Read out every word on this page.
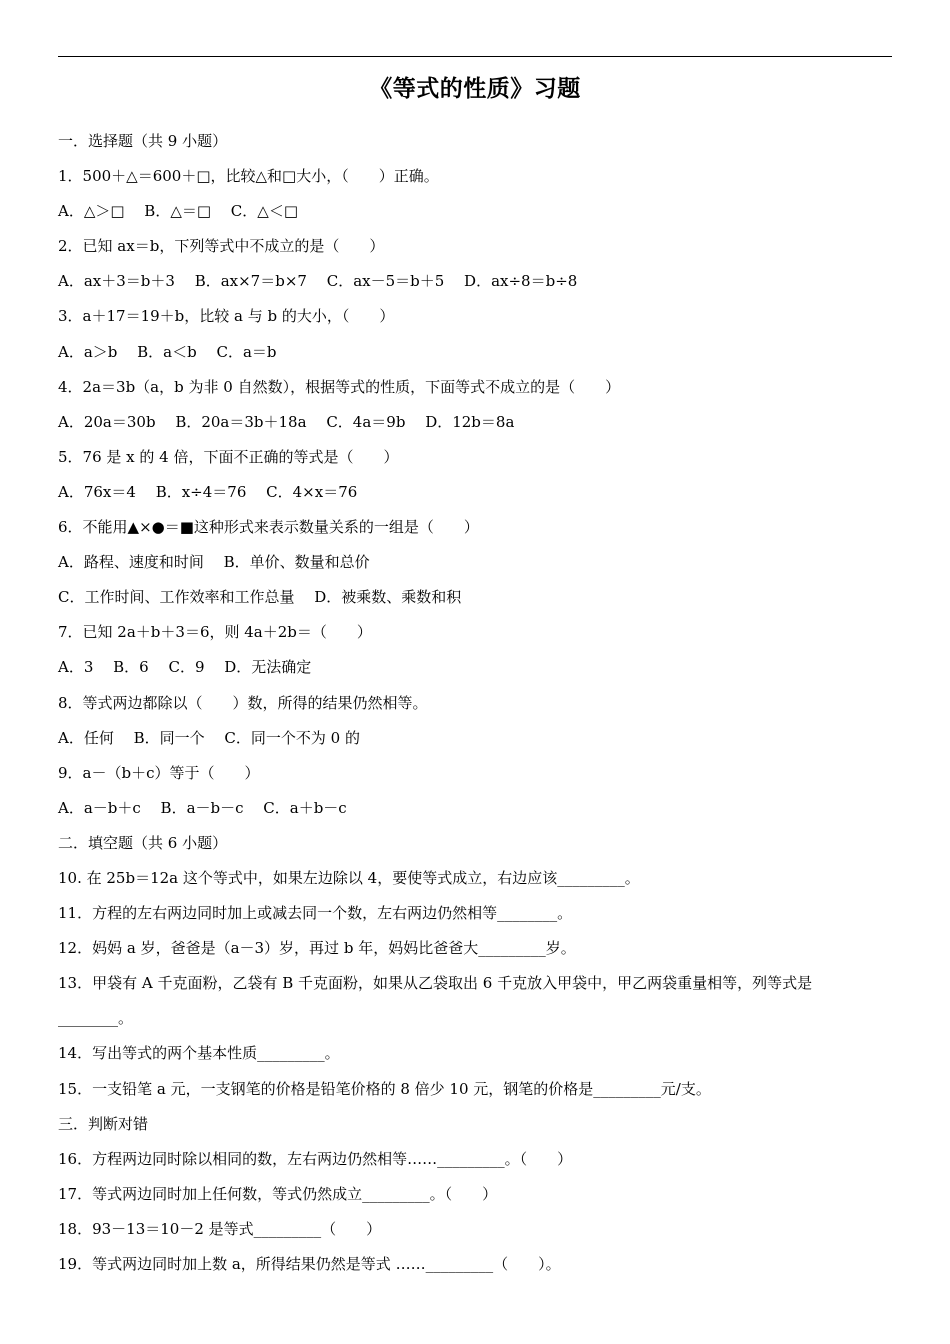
《等式的性质》习题
一．选择题（共 9 小题）
1．500＋△＝600＋□，比较△和□大小，（　　）正确。
A．△＞□　 B．△＝□　 C．△＜□
2．已知 ax＝b，下列等式中不成立的是（　　）
A．ax＋3＝b＋3　 B．ax×7＝b×7　 C．ax－5＝b＋5　 D．ax÷8＝b÷8
3．a＋17＝19＋b，比较 a 与 b 的大小，（　　）
A．a＞b　 B．a＜b　 C．a＝b
4．2a＝3b（a，b 为非 0 自然数），根据等式的性质，下面等式不成立的是（　　）
A．20a＝30b　 B．20a＝3b＋18a　 C．4a＝9b　 D．12b＝8a
5．76 是 x 的 4 倍，下面不正确的等式是（　　）
A．76x＝4　 B．x÷4＝76　 C．4×x＝76
6．不能用▲×●＝■这种形式来表示数量关系的一组是（　　）
A．路程、速度和时间　 B．单价、数量和总价
C．工作时间、工作效率和工作总量　 D．被乘数、乘数和积
7．已知 2a＋b＋3＝6，则 4a＋2b＝（　　）
A．3　 B．6　 C．9　 D．无法确定
8．等式两边都除以（　　）数，所得的结果仍然相等。
A．任何　 B．同一个　 C．同一个不为 0 的
9．a－（b＋c）等于（　　）
A．a－b＋c　 B．a－b－c　 C．a＋b－c
二．填空题（共 6 小题）
10. 在 25b＝12a 这个等式中，如果左边除以 4，要使等式成立，右边应该_________。
11．方程的左右两边同时加上或减去同一个数，左右两边仍然相等________。
12．妈妈 a 岁，爸爸是（a－3）岁，再过 b 年，妈妈比爸爸大_________岁。
13．甲袋有 A 千克面粉，乙袋有 B 千克面粉，如果从乙袋取出 6 千克放入甲袋中，甲乙两袋重量相等，列等式是
________。
14．写出等式的两个基本性质_________。
15．一支铅笔 a 元，一支钢笔的价格是铅笔价格的 8 倍少 10 元，钢笔的价格是_________元/支。
三．判断对错
16．方程两边同时除以相同的数，左右两边仍然相等……_________。（　　）
17．等式两边同时加上任何数，等式仍然成立_________。（　　）
18．93－13＝10－2 是等式_________（　　）
19．等式两边同时加上数 a，所得结果仍然是等式 ……_________（　　）。
